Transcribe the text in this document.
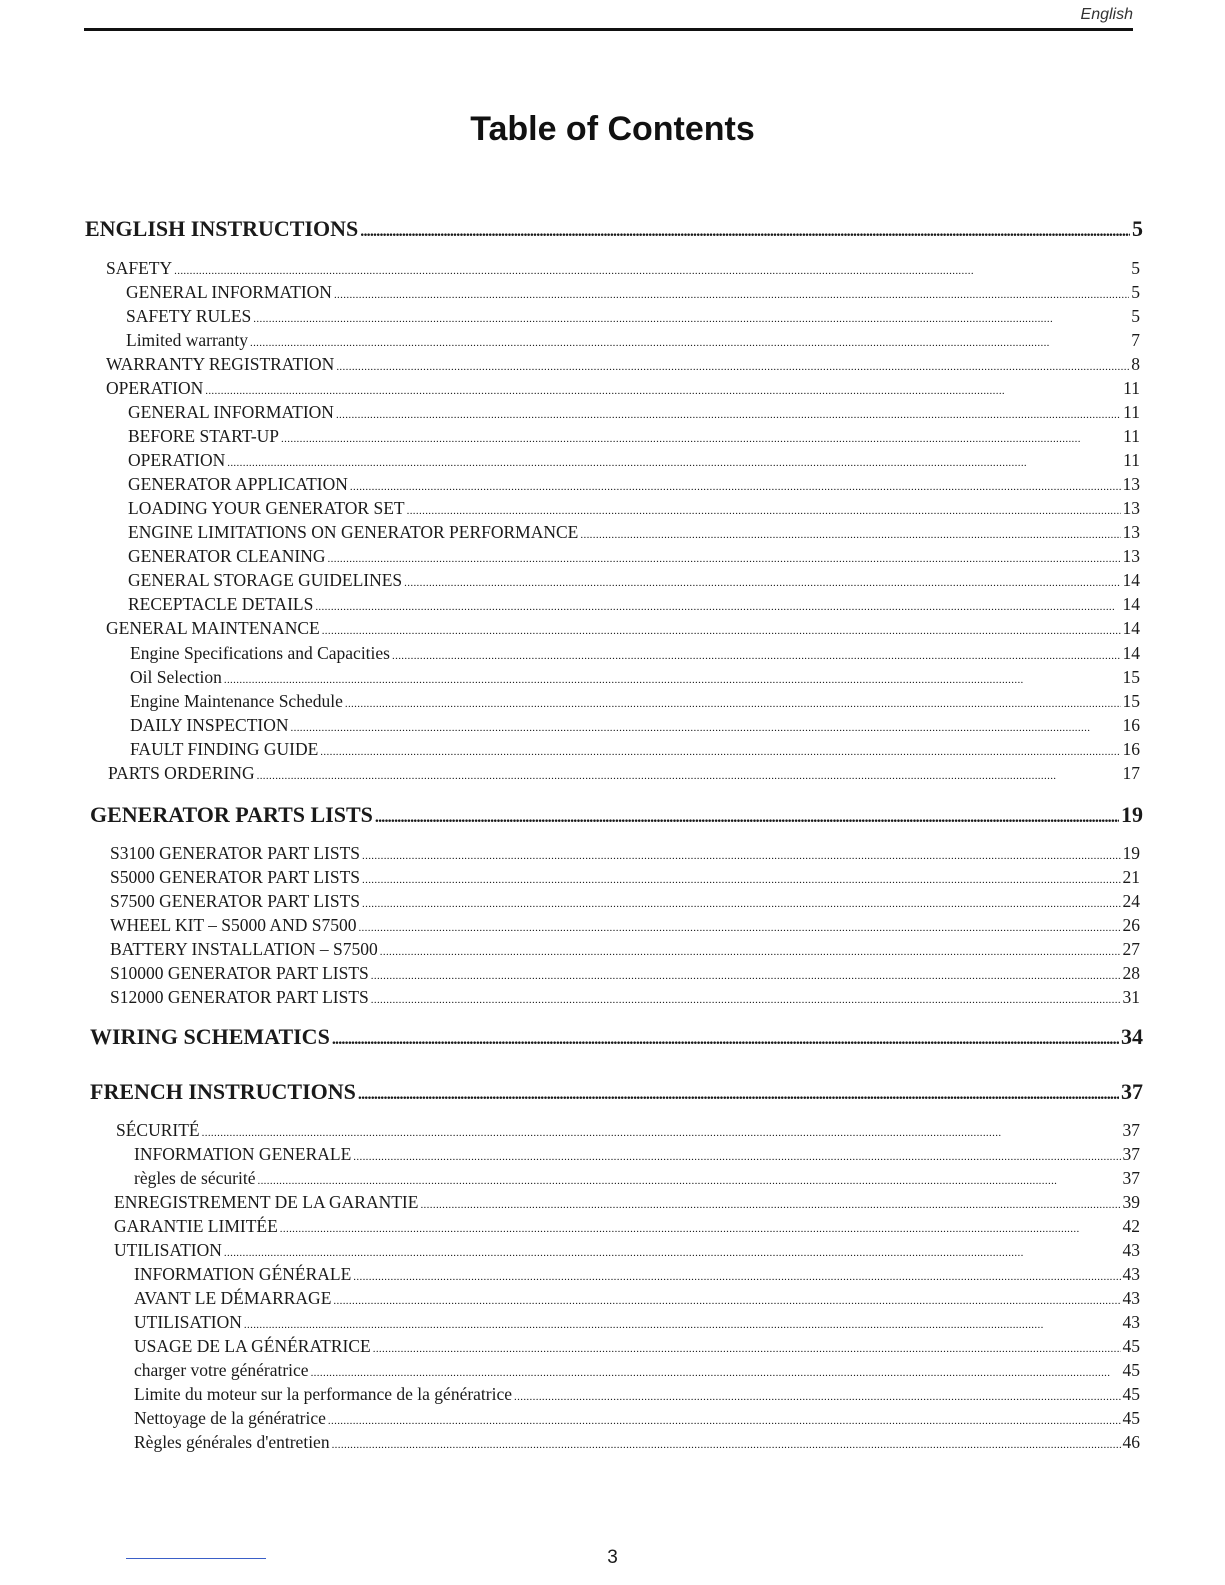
English
Table of Contents
ENGLISH INSTRUCTIONS . . .	5
SAFETY . . .	5
GENERAL INFORMATION . . .	5
SAFETY RULES . . .	5
Limited warranty . . .	7
WARRANTY REGISTRATION . . .	8
OPERATION . . .	11
GENERAL INFORMATION . . .	11
BEFORE START-UP . . .	11
OPERATION . . .	11
GENERATOR APPLICATION . . .	13
LOADING YOUR GENERATOR SET . . .	13
ENGINE LIMITATIONS ON GENERATOR PERFORMANCE . . .	13
GENERATOR CLEANING . . .	13
GENERAL STORAGE GUIDELINES . . .	14
RECEPTACLE DETAILS . . .	14
GENERAL MAINTENANCE . . .	14
Engine Specifications and Capacities . . .	14
Oil Selection . . .	15
Engine Maintenance Schedule . . .	15
DAILY INSPECTION . . .	16
FAULT FINDING GUIDE . . .	16
PARTS ORDERING . . .	17
GENERATOR PARTS LISTS . . .	19
S3100 GENERATOR PART LISTS . . .	19
S5000 GENERATOR PART LISTS . . .	21
S7500 GENERATOR PART LISTS . . .	24
WHEEL KIT – S5000 AND S7500 . . .	26
BATTERY INSTALLATION – S7500 . . .	27
S10000 GENERATOR PART LISTS . . .	28
S12000 GENERATOR PART LISTS . . .	31
WIRING SCHEMATICS . . .	34
FRENCH INSTRUCTIONS . . .	37
SÉCURITÉ . . .	37
INFORMATION GENERALE . . .	37
règles de sécurité . . .	37
ENREGISTREMENT DE LA GARANTIE . . .	39
GARANTIE LIMITÉE . . .	42
UTILISATION . . .	43
INFORMATION GÉNÉRALE . . .	43
AVANT LE DÉMARRAGE . . .	43
UTILISATION . . .	43
USAGE DE LA GÉNÉRATRICE . . .	45
charger votre génératrice . . .	45
Limite du moteur sur la performance de la génératrice . . .	45
Nettoyage de la génératrice . . .	45
Règles générales d'entretien . . .	46
3
